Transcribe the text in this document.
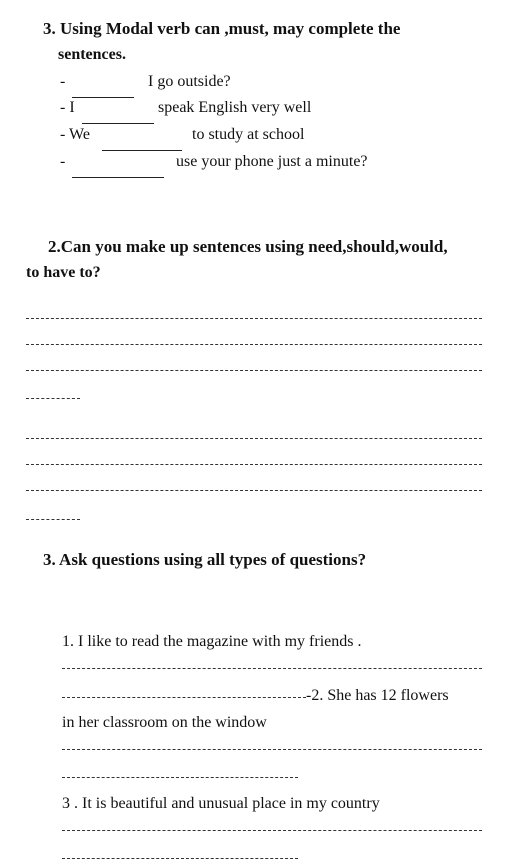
3. Using Modal verb can ,must, may complete the
sentences.
-	I go outside?
- I	speak English very well
- We	to study at school
-	use your phone just a minute?
2.Can you make up sentences using need,should,would,
to have to?
3. Ask questions using all types of questions?
1. I like to read the magazine with my friends .
-2. She has 12 flowers
in her classroom on the window
3 . It is beautiful and unusual place in my country
